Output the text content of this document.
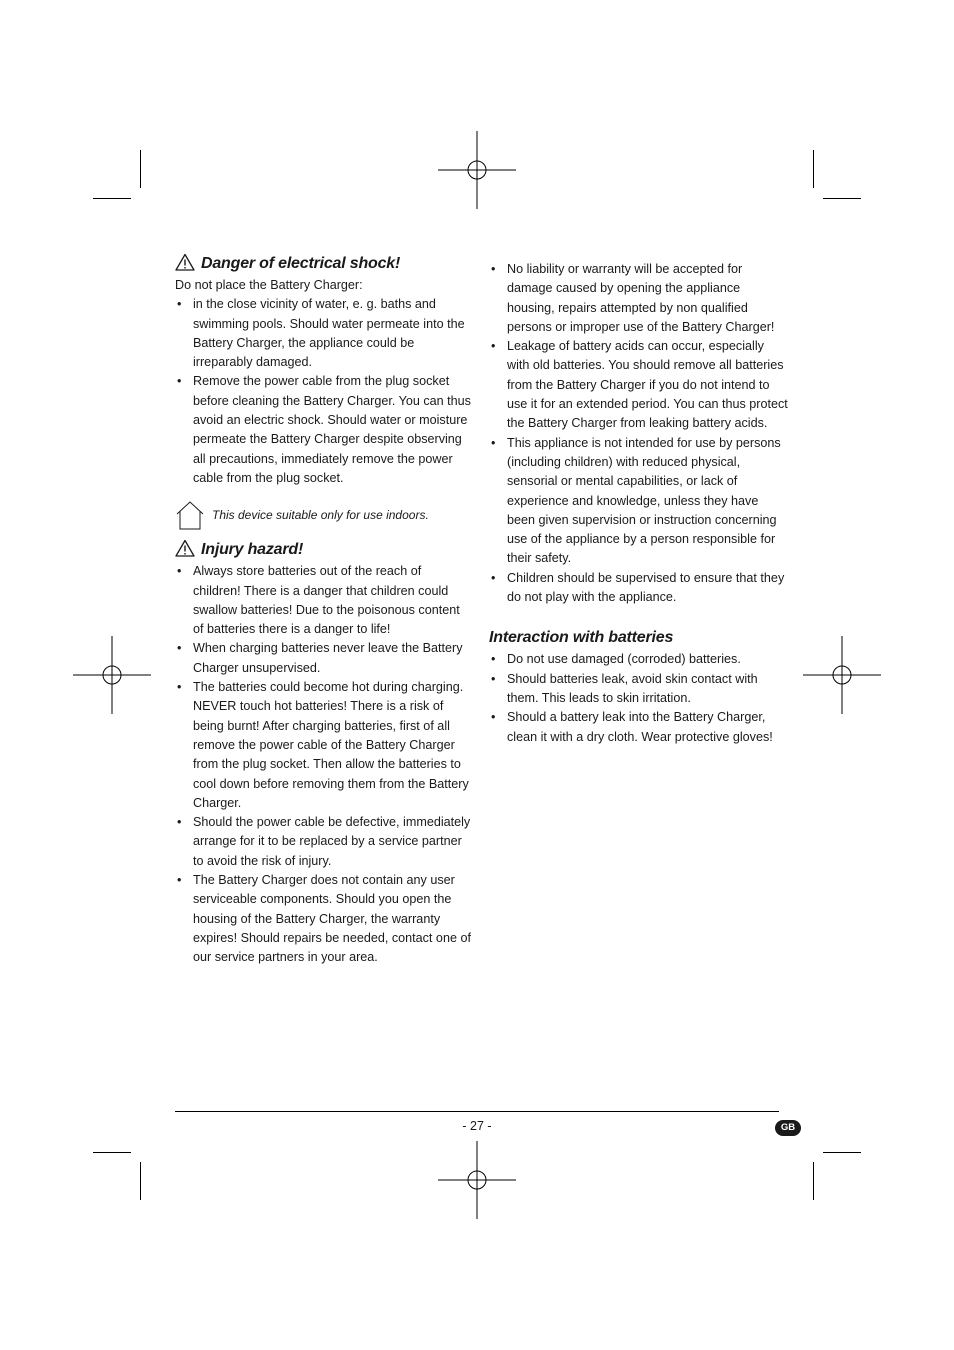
Danger of electrical shock!

Do not place the Battery Charger:

• in the close vicinity of water, e. g. baths and swimming pools. Should water permeate into the Battery Charger, the appliance could be irreparably damaged.
• Remove the power cable from the plug socket before cleaning the Battery Charger. You can thus avoid an electric shock. Should water or moisture permeate the Battery Charger despite observing all precautions, immediately remove the power cable from the plug socket.
This device suitable only for use indoors.
Injury hazard!
• Always store batteries out of the reach of children! There is a danger that children could swallow batteries! Due to the poisonous content of batteries there is a danger to life!
• When charging batteries never leave the Battery Charger unsupervised.
• The batteries could become hot during charging. NEVER touch hot batteries! There is a risk of being burnt! After charging batteries, first of all remove the power cable of the Battery Charger from the plug socket. Then allow the batteries to cool down before removing them from the Battery Charger.
• Should the power cable be defective, immediately arrange for it to be replaced by a service partner to avoid the risk of injury.
• The Battery Charger does not contain any user serviceable components. Should you open the housing of the Battery Charger, the warranty expires! Should repairs be needed, contact one of our service partners in your area.
• No liability or warranty will be accepted for damage caused by opening the appliance housing, repairs attempted by non qualified persons or improper use of the Battery Charger!
• Leakage of battery acids can occur, especially with old batteries. You should remove all batteries from the Battery Charger if you do not intend to use it for an extended period. You can thus protect the Battery Charger from leaking battery acids.
• This appliance is not intended for use by persons (including children) with reduced physical, sensorial or mental capabilities, or lack of experience and knowledge, unless they have been given supervision or instruction concerning use of the appliance by a person responsible for their safety.
• Children should be supervised to ensure that they do not play with the appliance.
Interaction with batteries
• Do not use damaged (corroded) batteries.
• Should batteries leak, avoid skin contact with them. This leads to skin irritation.
• Should a battery leak into the Battery Charger, clean it with a dry cloth. Wear protective gloves!
- 27 -	GB
